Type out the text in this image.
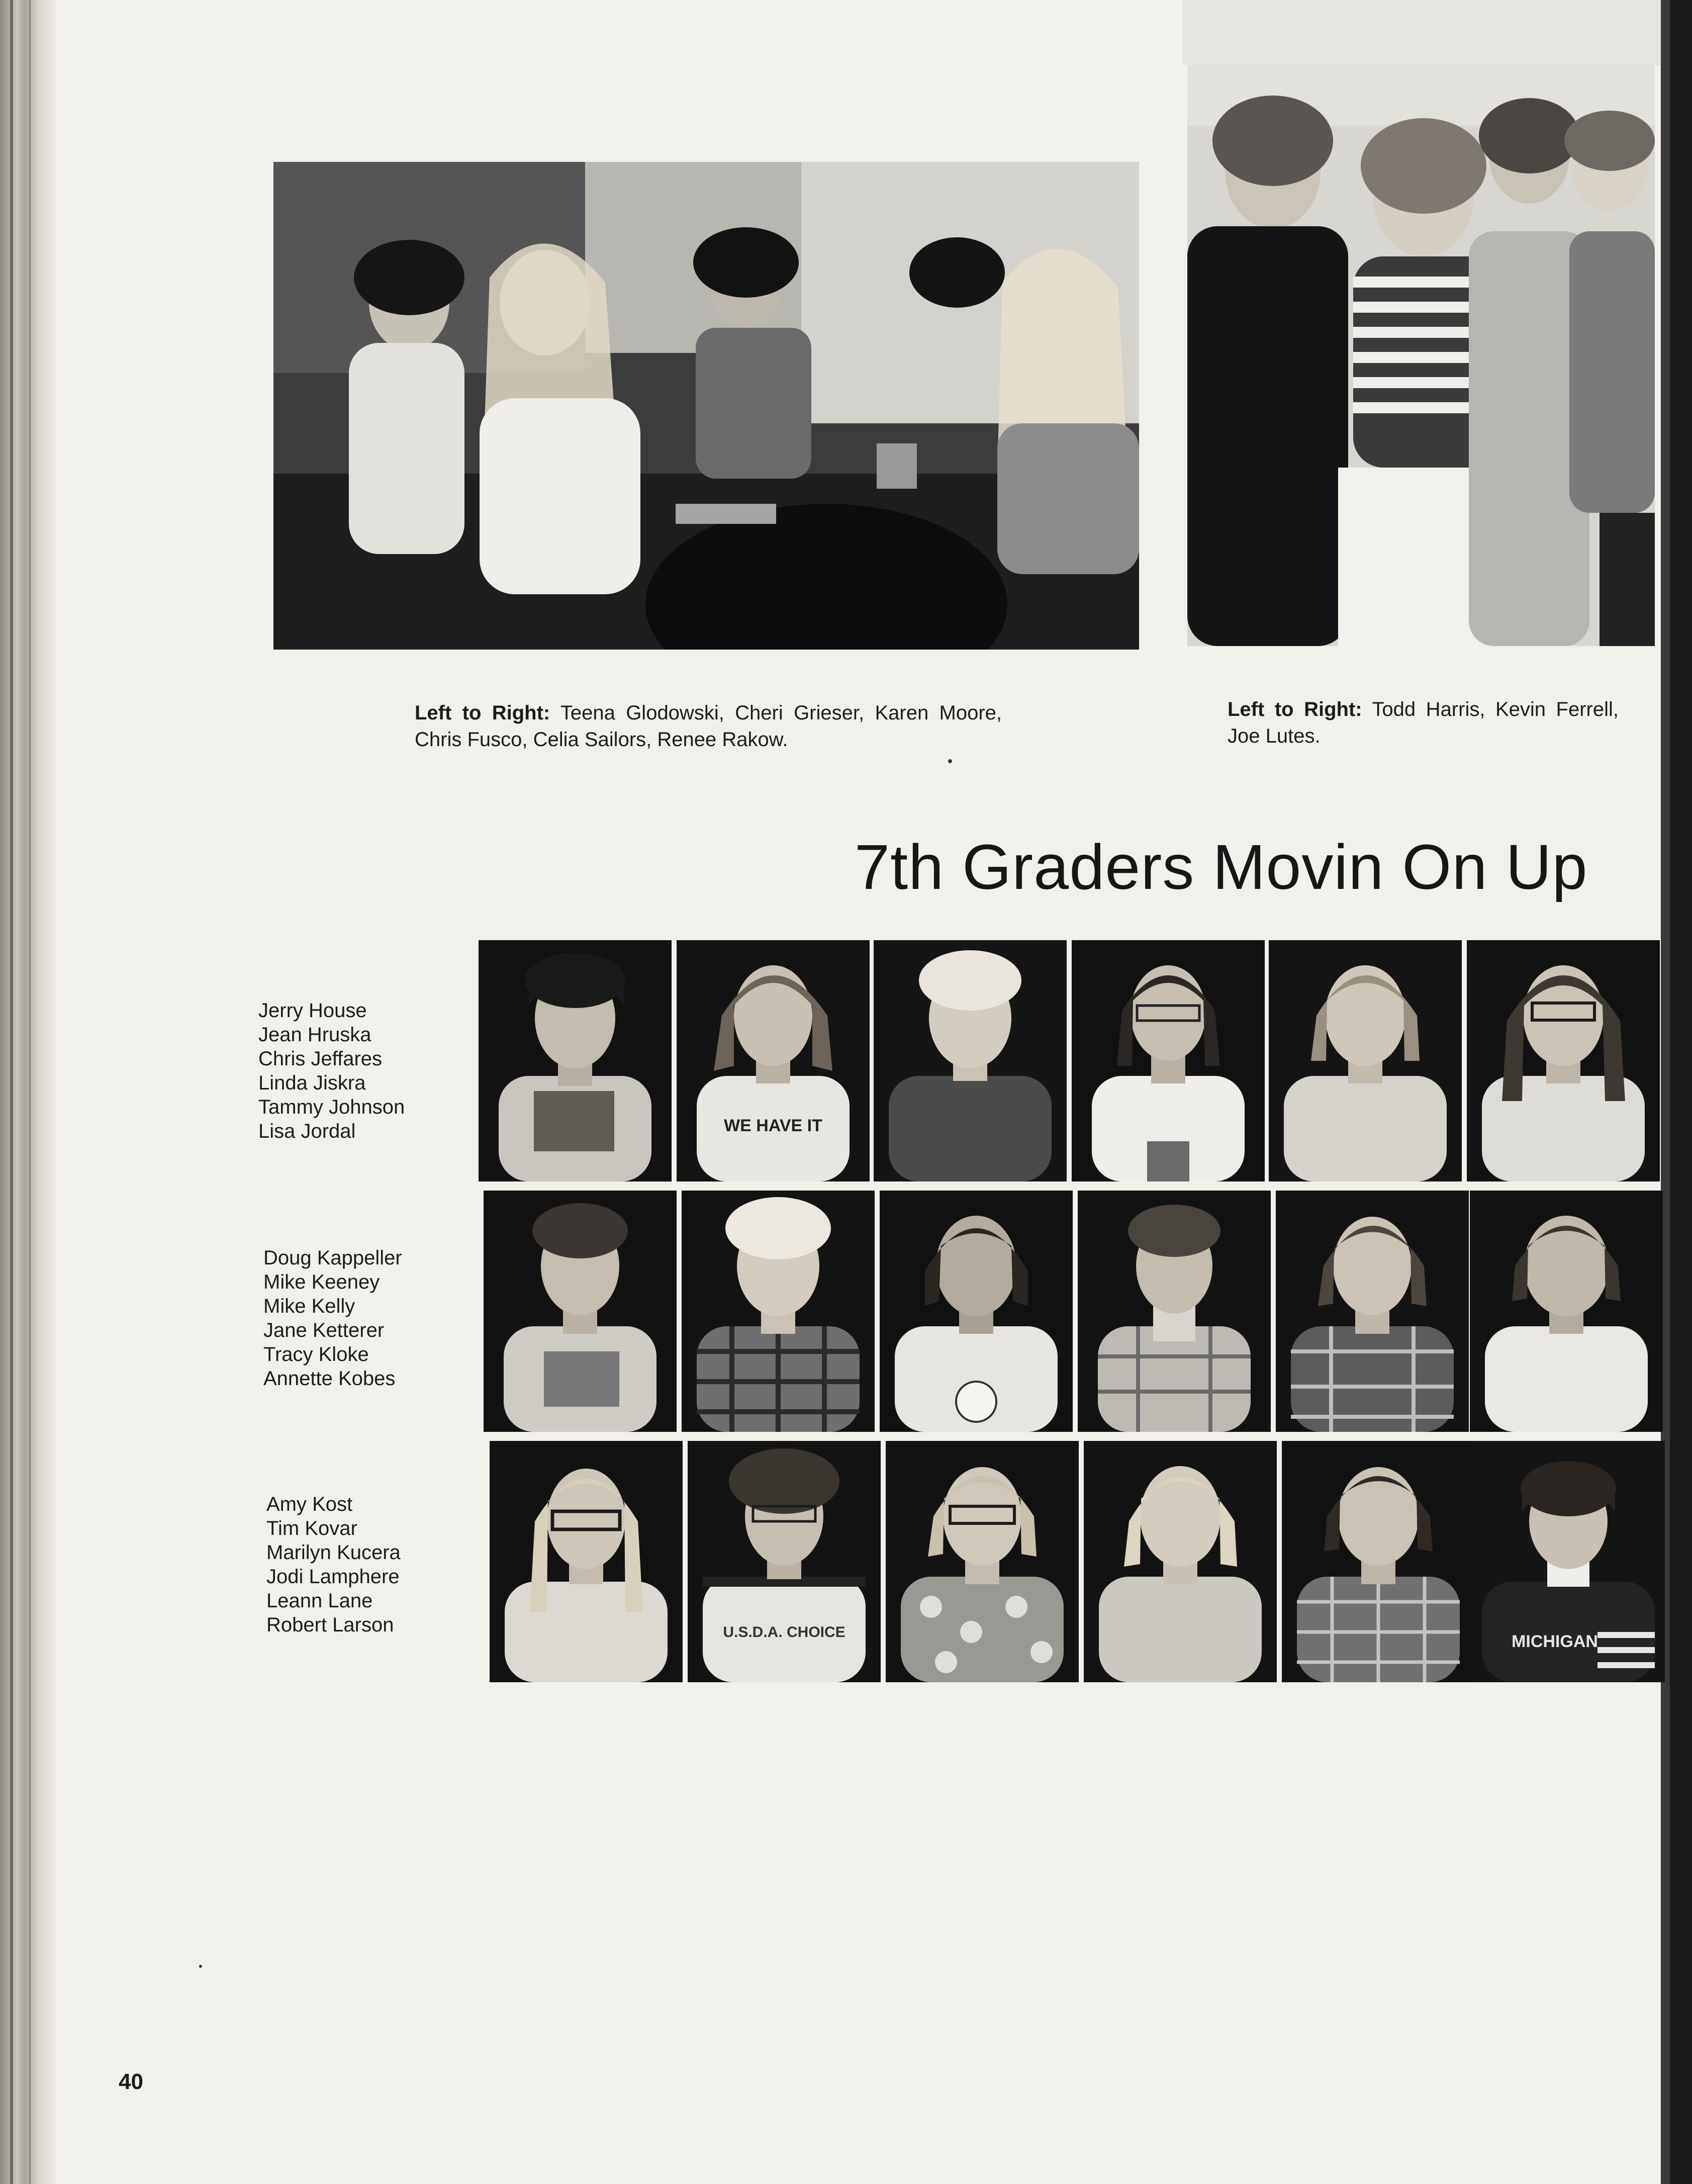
Left to Right: Teena Glodowski, Cheri Grieser, Karen Moore, Chris Fusco, Celia Sailors, Renee Rakow.
Left to Right: Todd Harris, Kevin Ferrell, Joe Lutes.
7th Graders Movin On Up
Jerry House
Jean Hruska
Chris Jeffares
Linda Jiskra
Tammy Johnson
Lisa Jordal
Doug Kappeller
Mike Keeney
Mike Kelly
Jane Ketterer
Tracy Kloke
Annette Kobes
Amy Kost
Tim Kovar
Marilyn Kucera
Jodi Lamphere
Leann Lane
Robert Larson
WE HAVE IT
U.S.D.A. CHOICE	MICHIGAN
40
